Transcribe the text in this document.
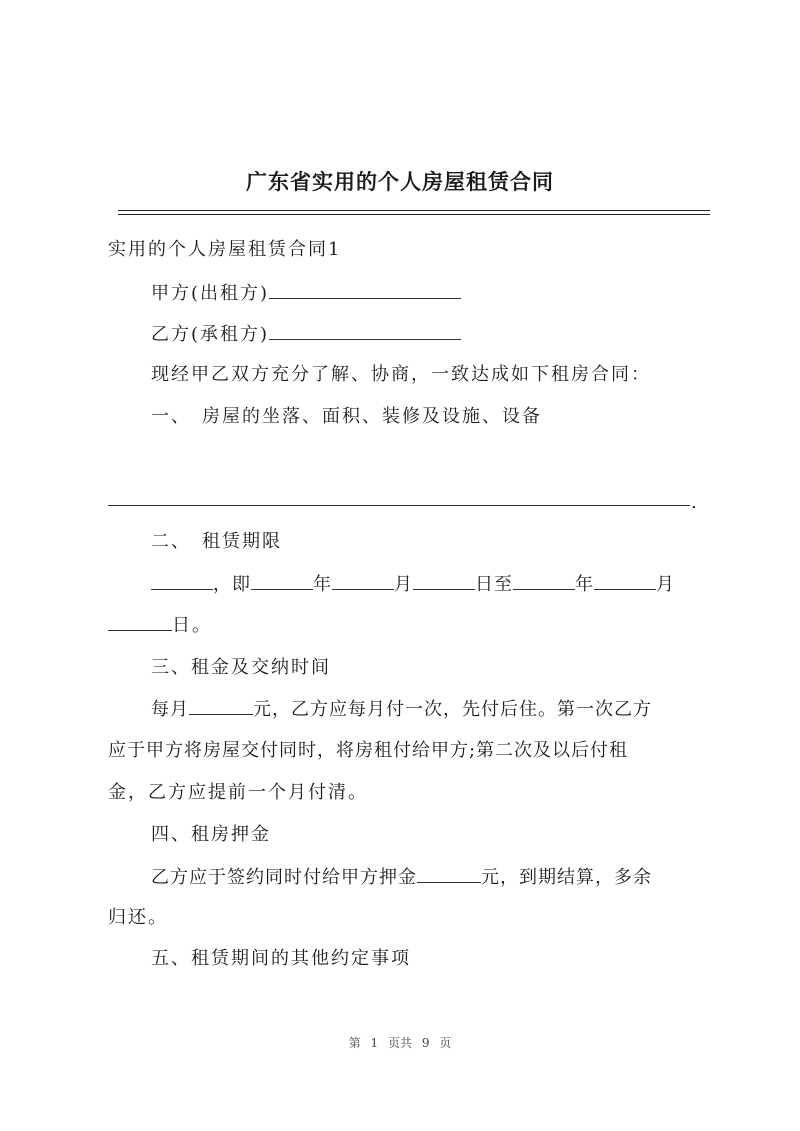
广东省实用的个人房屋租赁合同
实用的个人房屋租赁合同1
甲方(出租方)
乙方(承租方)
现经甲乙双方充分了解、协商，一致达成如下租房合同：
一、　房屋的坐落、面积、装修及设施、设备
.
二、　租赁期限
，即	年	月	日至	年	月
日。
三、租金及交纳时间
每月	元，乙方应每月付一次，先付后住。第一次乙方
应于甲方将房屋交付同时，将房租付给甲方;第二次及以后付租
金，乙方应提前一个月付清。
四、租房押金
乙方应于签约同时付给甲方押金	元，到期结算，多余
归还。
五、租赁期间的其他约定事项
第 1 页共 9 页
